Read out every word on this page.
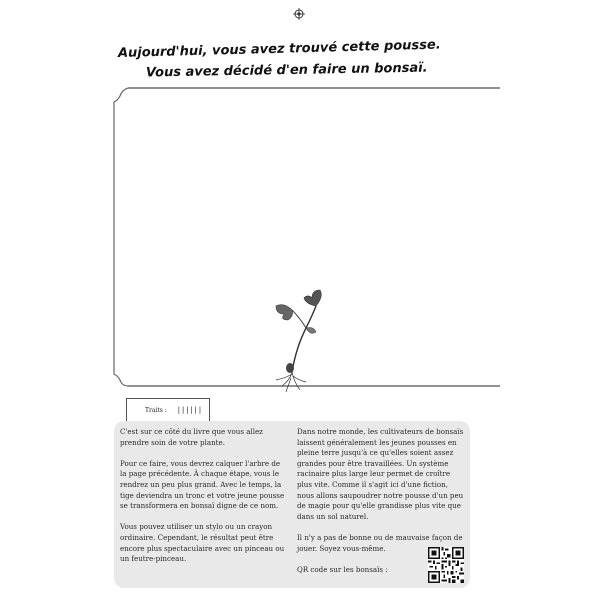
Aujourd'hui, vous avez trouvé cette pousse.
Vous avez décidé d'en faire un bonsaï.
Traits : ||||||

C'est sur ce côté du livre que vous allez prendre soin de votre plante.

Pour ce faire, vous devrez calquer l'arbre de la page précédente. À chaque étape, vous le rendrez un peu plus grand. Avec le temps, la tige deviendra un tronc et votre jeune pousse se transformera en bonsaï digne de ce nom.

Vous pouvez utiliser un stylo ou un crayon ordinaire. Cependant, le résultat peut être encore plus spectaculaire avec un pinceau ou un feutre-pinceau.

Dans notre monde, les cultivateurs de bonsaïs laissent généralement les jeunes pousses en pleine terre jusqu'à ce qu'elles soient assez grandes pour être travaillées. Un système racinaire plus large leur permet de croître plus vite. Comme il s'agit ici d'une fiction, nous allons saupoudrer notre pousse d'un peu de magie pour qu'elle grandisse plus vite que dans un sol naturel.

Il n'y a pas de bonne ou de mauvaise façon de jouer. Soyez vous-même.

QR code sur les bonsaïs :
